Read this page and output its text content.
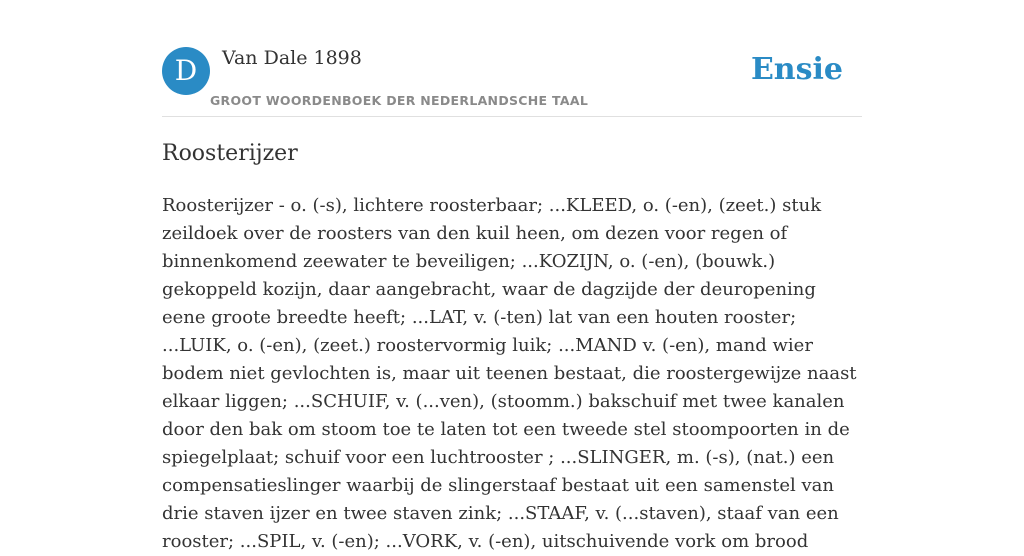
D	Van Dale 1898
GROOT WOORDENBOEK DER NEDERLANDSCHE TAAL
Ensie
Roosterijzer

Roosterijzer - o. (-s), lichtere roosterbaar; ...KLEED, o. (-en), (zeet.) stuk zeildoek over de roosters van den kuil heen, om dezen voor regen of binnenkomend zeewater te beveiligen; ...KOZIJN, o. (-en), (bouwk.) gekoppeld kozijn, daar aangebracht, waar de dagzijde der deuropening eene groote breedte heeft; ...LAT, v. (-ten) lat van een houten rooster; ...LUIK, o. (-en), (zeet.) roostervormig luik; ...MAND v. (-en), mand wier bodem niet gevlochten is, maar uit teenen bestaat, die roostergewijze naast elkaar liggen; ...SCHUIF, v. (...ven), (stoomm.) bakschuif met twee kanalen door den bak om stoom toe te laten tot een tweede stel stoompoorten in de spiegelplaat; schuif voor een luchtrooster ; ...SLINGER, m. (-s), (nat.) een compensatieslinger waarbij de slingerstaaf bestaat uit een samenstel van drie staven ijzer en twee staven zink; ...STAAF, v. (...staven), staaf van een rooster; ...SPIL, v. (-en); ...VORK, v. (-en), uitschuivende vork om brood
